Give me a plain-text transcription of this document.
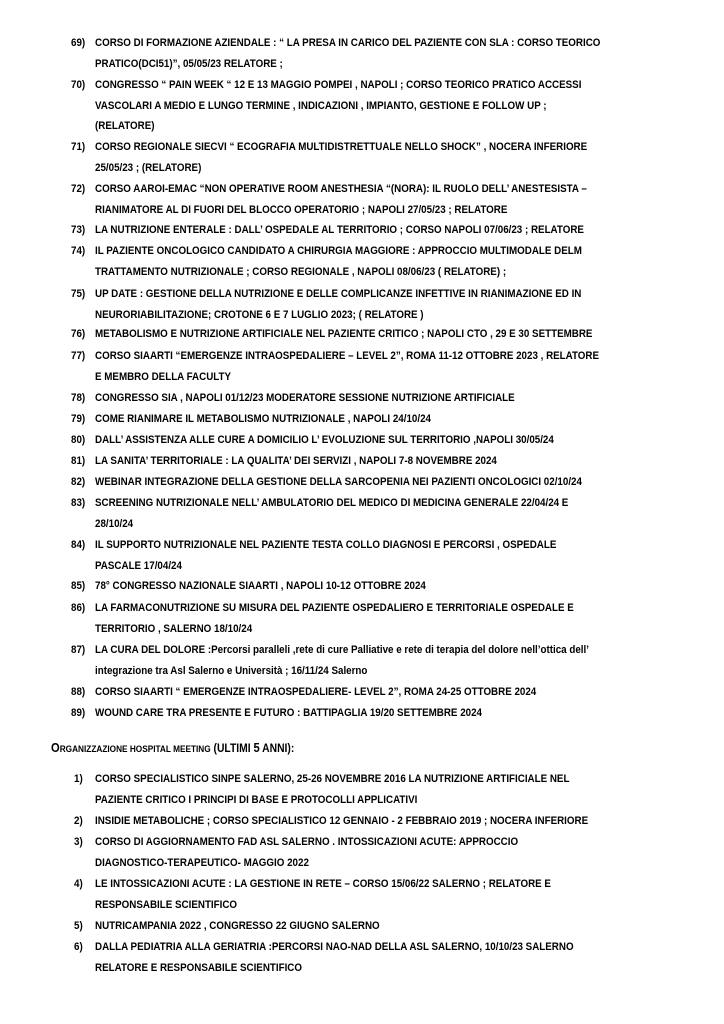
69) CORSO DI FORMAZIONE AZIENDALE : “ LA PRESA IN CARICO DEL PAZIENTE CON SLA : CORSO TEORICO
PRATICO(DCI51)”, 05/05/23 RELATORE ;
70) CONGRESSO “ PAIN WEEK “ 12 E 13 MAGGIO POMPEI , NAPOLI ; CORSO TEORICO PRATICO ACCESSI
VASCOLARI A MEDIO E LUNGO TERMINE , INDICAZIONI , IMPIANTO, GESTIONE E FOLLOW UP ;
(RELATORE)
71) CORSO REGIONALE SIECVI “ ECOGRAFIA MULTIDISTRETTUALE NELLO SHOCK” , NOCERA INFERIORE
25/05/23 ; (RELATORE)
72) CORSO AAROI-EMAC “NON OPERATIVE ROOM ANESTHESIA “(NORA): IL RUOLO DELL’ ANESTESISTA –
RIANIMATORE AL DI FUORI DEL BLOCCO OPERATORIO ; NAPOLI 27/05/23 ; RELATORE
73) LA NUTRIZIONE ENTERALE : DALL’ OSPEDALE AL TERRITORIO ; CORSO NAPOLI 07/06/23 ; RELATORE
74) IL PAZIENTE ONCOLOGICO CANDIDATO A CHIRURGIA MAGGIORE : APPROCCIO MULTIMODALE DELM
TRATTAMENTO NUTRIZIONALE ; CORSO REGIONALE , NAPOLI 08/06/23 ( RELATORE) ;
75) UP DATE : GESTIONE DELLA NUTRIZIONE E DELLE COMPLICANZE INFETTIVE IN RIANIMAZIONE ED IN
NEURORIABILITAZIONE; CROTONE 6 E 7 LUGLIO 2023; ( RELATORE )
76) METABOLISMO E NUTRIZIONE ARTIFICIALE NEL PAZIENTE CRITICO ; NAPOLI CTO , 29 E 30 SETTEMBRE
77) CORSO SIAARTI “EMERGENZE INTRAOSPEDALIERE – LEVEL 2”, ROMA 11-12 OTTOBRE 2023 , RELATORE
E MEMBRO DELLA FACULTY
78) CONGRESSO SIA , NAPOLI 01/12/23 MODERATORE SESSIONE NUTRIZIONE ARTIFICIALE
79) COME RIANIMARE IL METABOLISMO NUTRIZIONALE , NAPOLI 24/10/24
80) DALL’ ASSISTENZA ALLE CURE A DOMICILIO L’ EVOLUZIONE SUL TERRITORIO ,NAPOLI 30/05/24
81) LA SANITA’ TERRITORIALE : LA QUALITA’ DEI SERVIZI , NAPOLI 7-8 NOVEMBRE 2024
82) WEBINAR INTEGRAZIONE DELLA GESTIONE DELLA SARCOPENIA NEI PAZIENTI ONCOLOGICI 02/10/24
83) SCREENING NUTRIZIONALE NELL’ AMBULATORIO DEL MEDICO DI MEDICINA GENERALE 22/04/24 E
28/10/24
84) IL SUPPORTO NUTRIZIONALE NEL PAZIENTE TESTA COLLO DIAGNOSI E PERCORSI , OSPEDALE
PASCALE 17/04/24
85) 78° CONGRESSO NAZIONALE SIAARTI , NAPOLI 10-12 OTTOBRE 2024
86) LA FARMACONUTRIZIONE SU MISURA DEL PAZIENTE OSPEDALIERO E TERRITORIALE OSPEDALE E
TERRITORIO , SALERNO 18/10/24
87) LA CURA DEL DOLORE :Percorsi paralleli ,rete di cure Palliative e rete di terapia del dolore nell’ottica dell’
integrazione tra Asl Salerno e Università ; 16/11/24 Salerno
88) CORSO SIAARTI “ EMERGENZE INTRAOSPEDALIERE- LEVEL 2”, ROMA 24-25 OTTOBRE 2024
89) WOUND CARE TRA PRESENTE E FUTURO : BATTIPAGLIA 19/20 SETTEMBRE 2024
ORGANIZZAZIONE HOSPITAL MEETING (ULTIMI 5 ANNI):
1)	CORSO SPECIALISTICO SINPE SALERNO, 25-26 NOVEMBRE 2016 LA NUTRIZIONE ARTIFICIALE NEL
PAZIENTE CRITICO I PRINCIPI DI BASE E PROTOCOLLI APPLICATIVI
2)	INSIDIE METABOLICHE ; CORSO SPECIALISTICO 12 GENNAIO - 2 FEBBRAIO 2019 ; NOCERA INFERIORE
3)	CORSO DI AGGIORNAMENTO FAD ASL SALERNO . INTOSSICAZIONI ACUTE: APPROCCIO
DIAGNOSTICO-TERAPEUTICO- MAGGIO 2022
4)	LE INTOSSICAZIONI ACUTE : LA GESTIONE IN RETE – CORSO 15/06/22 SALERNO ; RELATORE E
RESPONSABILE SCIENTIFICO
5)	NUTRICAMPANIA 2022 , CONGRESSO 22 GIUGNO SALERNO
6)	DALLA PEDIATRIA ALLA GERIATRIA :PERCORSI NAO-NAD DELLA ASL SALERNO, 10/10/23 SALERNO
RELATORE E RESPONSABILE SCIENTIFICO
